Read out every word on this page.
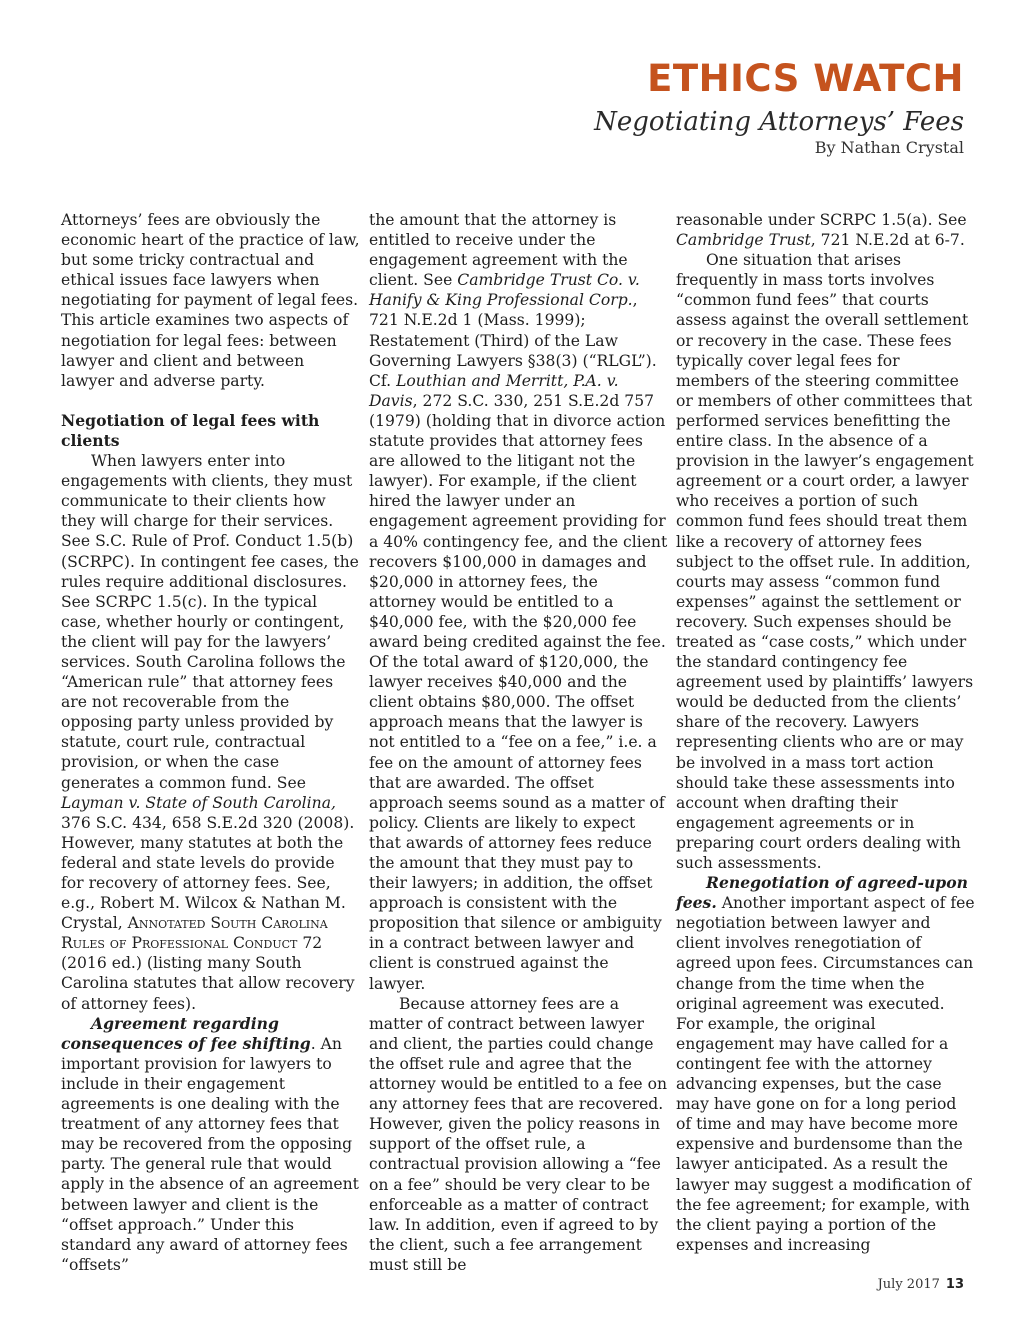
ETHICS WATCH
Negotiating Attorneys’ Fees
By Nathan Crystal

Attorneys’ fees are obviously the economic heart of the practice of law, but some tricky contractual and ethical issues face lawyers when negotiating for payment of legal fees. This article examines two aspects of negotiation for legal fees: between lawyer and client and between lawyer and adverse party.

Negotiation of legal fees with clients

When lawyers enter into engagements with clients, they must communicate to their clients how they will charge for their services. See S.C. Rule of Prof. Conduct 1.5(b) (SCRPC). In contingent fee cases, the rules require additional disclosures. See SCRPC 1.5(c). In the typical case, whether hourly or contingent, the client will pay for the lawyers’ services. South Carolina follows the “American rule” that attorney fees are not recoverable from the opposing party unless provided by statute, court rule, contractual provision, or when the case generates a common fund. See Layman v. State of South Carolina, 376 S.C. 434, 658 S.E.2d 320 (2008). However, many statutes at both the federal and state levels do provide for recovery of attorney fees. See, e.g., Robert M. Wilcox & Nathan M. Crystal, Annotated South Carolina Rules of Professional Conduct 72 (2016 ed.) (listing many South Carolina statutes that allow recovery of attorney fees).

Agreement regarding consequences of fee shifting. An important provision for lawyers to include in their engagement agreements is one dealing with the treatment of any attorney fees that may be recovered from the opposing party. The general rule that would apply in the absence of an agreement between lawyer and client is the “offset approach.” Under this standard any award of attorney fees “offsets”

the amount that the attorney is entitled to receive under the engagement agreement with the client. See Cambridge Trust Co. v. Hanify & King Professional Corp., 721 N.E.2d 1 (Mass. 1999); Restatement (Third) of the Law Governing Lawyers §38(3) (“RLGL”). Cf. Louthian and Merritt, P.A. v. Davis, 272 S.C. 330, 251 S.E.2d 757 (1979) (holding that in divorce action statute provides that attorney fees are allowed to the litigant not the lawyer). For example, if the client hired the lawyer under an engagement agreement providing for a 40% contingency fee, and the client recovers $100,000 in damages and $20,000 in attorney fees, the attorney would be entitled to a $40,000 fee, with the $20,000 fee award being credited against the fee. Of the total award of $120,000, the lawyer receives $40,000 and the client obtains $80,000. The offset approach means that the lawyer is not entitled to a “fee on a fee,” i.e. a fee on the amount of attorney fees that are awarded. The offset approach seems sound as a matter of policy. Clients are likely to expect that awards of attorney fees reduce the amount that they must pay to their lawyers; in addition, the offset approach is consistent with the proposition that silence or ambiguity in a contract between lawyer and client is construed against the lawyer.

Because attorney fees are a matter of contract between lawyer and client, the parties could change the offset rule and agree that the attorney would be entitled to a fee on any attorney fees that are recovered. However, given the policy reasons in support of the offset rule, a contractual provision allowing a “fee on a fee” should be very clear to be enforceable as a matter of contract law. In addition, even if agreed to by the client, such a fee arrangement must still be

reasonable under SCRPC 1.5(a). See Cambridge Trust, 721 N.E.2d at 6-7.

One situation that arises frequently in mass torts involves “common fund fees” that courts assess against the overall settlement or recovery in the case. These fees typically cover legal fees for members of the steering committee or members of other committees that performed services benefitting the entire class. In the absence of a provision in the lawyer’s engagement agreement or a court order, a lawyer who receives a portion of such common fund fees should treat them like a recovery of attorney fees subject to the offset rule. In addition, courts may assess “common fund expenses” against the settlement or recovery. Such expenses should be treated as “case costs,” which under the standard contingency fee agreement used by plaintiffs’ lawyers would be deducted from the clients’ share of the recovery. Lawyers representing clients who are or may be involved in a mass tort action should take these assessments into account when drafting their engagement agreements or in preparing court orders dealing with such assessments.

Renegotiation of agreed-upon fees. Another important aspect of fee negotiation between lawyer and client involves renegotiation of agreed upon fees. Circumstances can change from the time when the original agreement was executed. For example, the original engagement may have called for a contingent fee with the attorney advancing expenses, but the case may have gone on for a long period of time and may have become more expensive and burdensome than the lawyer anticipated. As a result the lawyer may suggest a modification of the fee agreement; for example, with the client paying a portion of the expenses and increasing

July 2017 13
